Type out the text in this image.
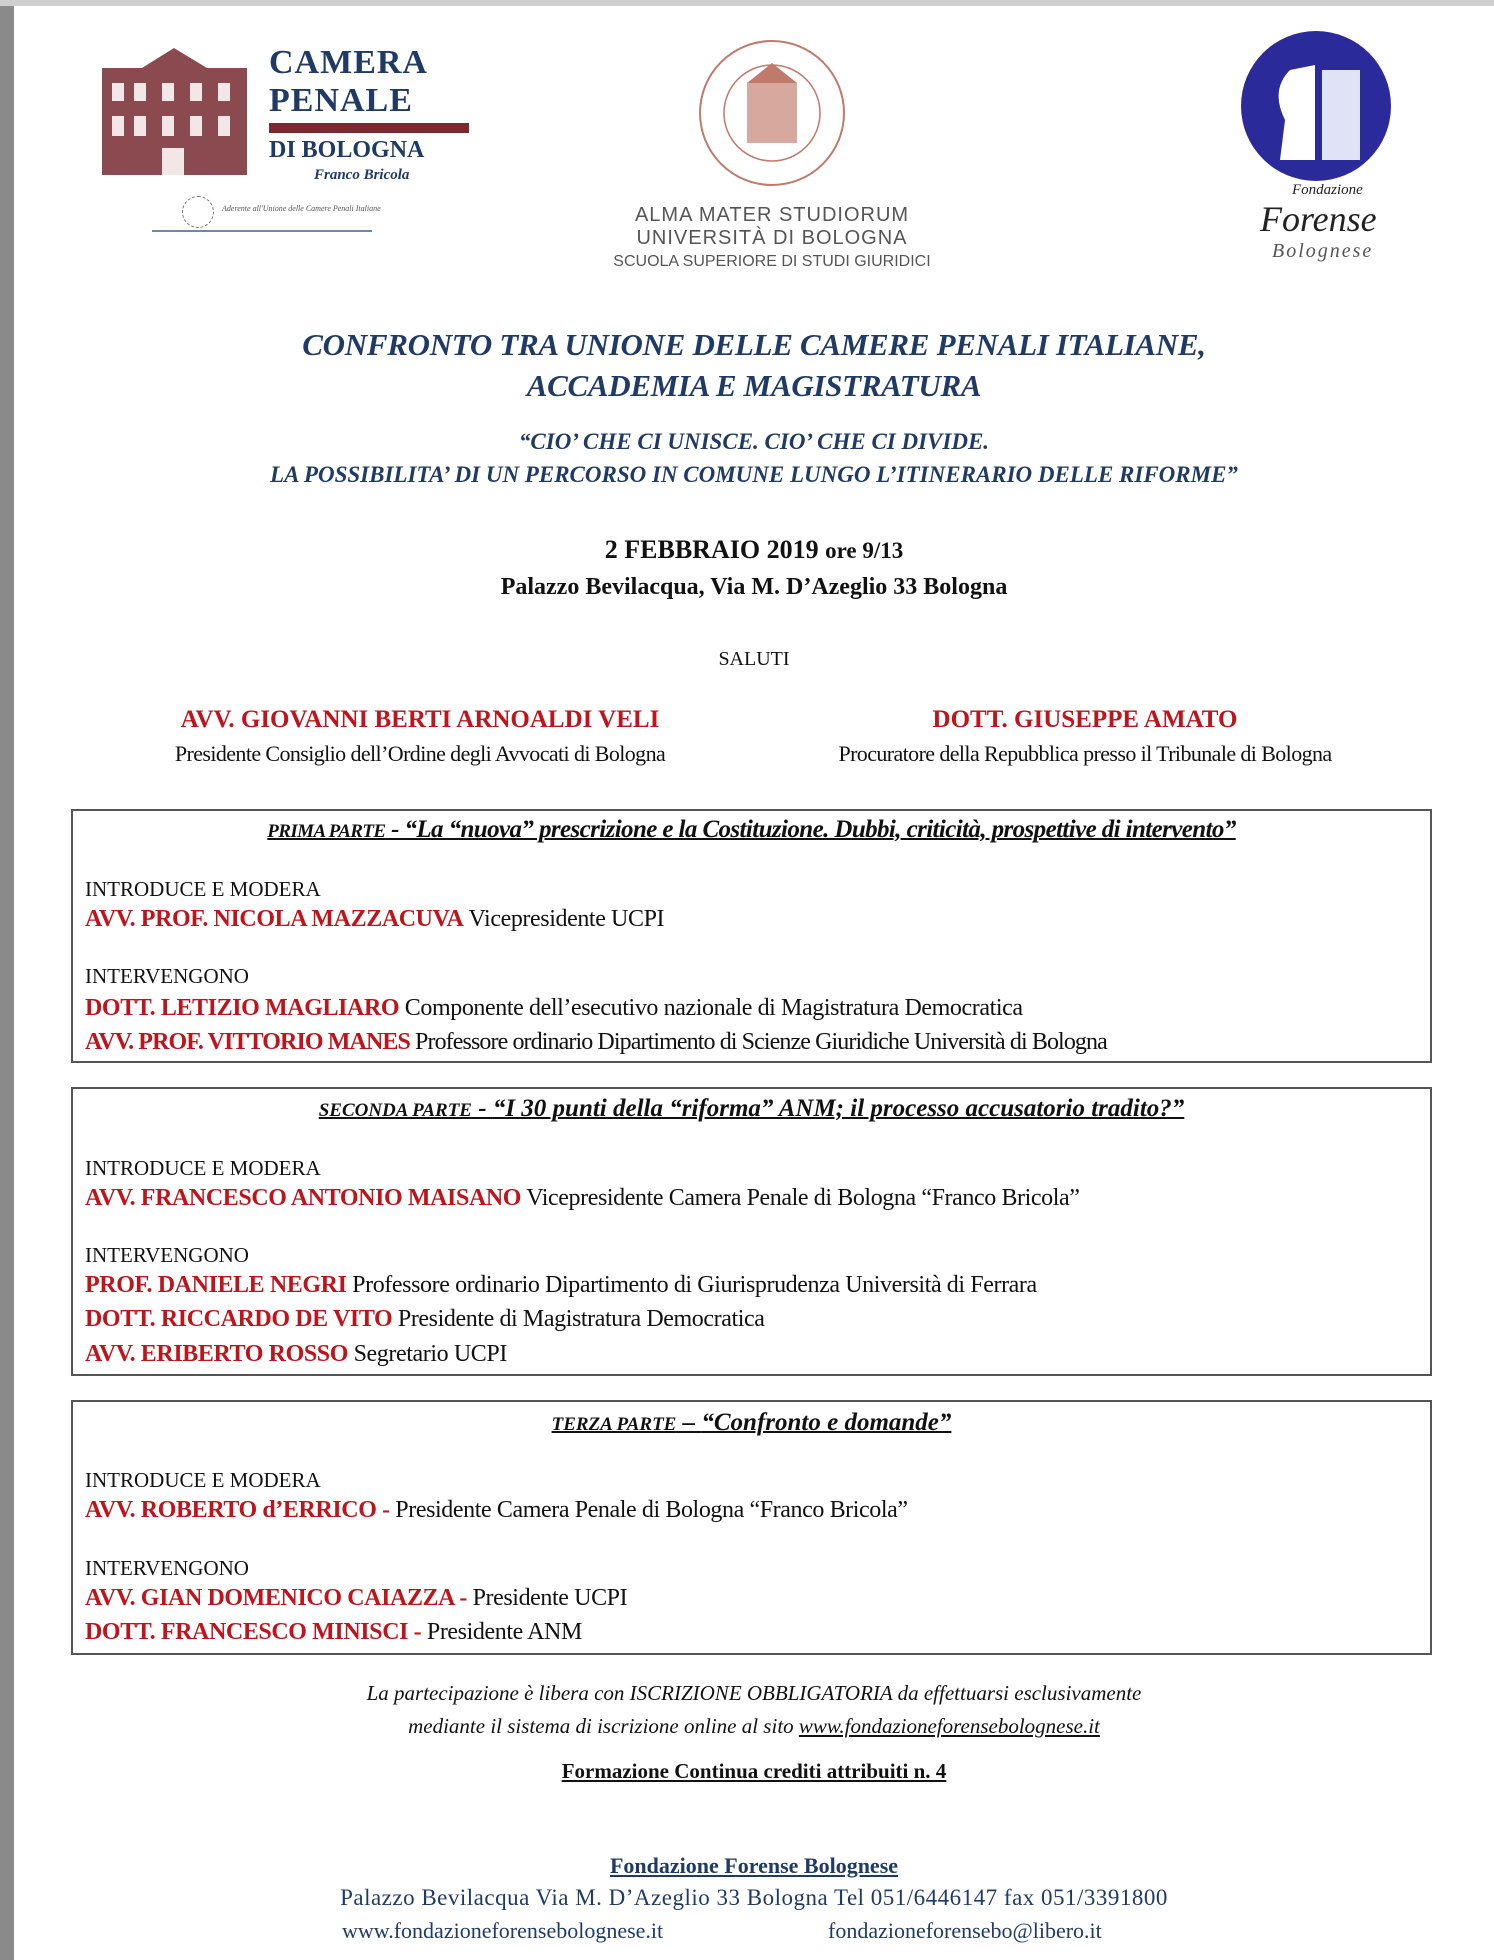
CAMERA
PENALE
DI BOLOGNA
Franco Bricola
Aderente all'Unione delle Camere Penali Italiane	ALMA MATER STUDIORUM
UNIVERSITÀ DI BOLOGNA
SCUOLA SUPERIORE DI STUDI GIURIDICI
Fondazione
Forense
Bolognese
CONFRONTO TRA UNIONE DELLE CAMERE PENALI ITALIANE,
ACCADEMIA E MAGISTRATURA
“CIO’ CHE CI UNISCE. CIO’ CHE CI DIVIDE.
LA POSSIBILITA’ DI UN PERCORSO IN COMUNE LUNGO L’ITINERARIO DELLE RIFORME”
2 FEBBRAIO 2019 ore 9/13
Palazzo Bevilacqua, Via M. D’Azeglio 33 Bologna
SALUTI
AVV. GIOVANNI BERTI ARNOALDI VELI
Presidente Consiglio dell’Ordine degli Avvocati di Bologna
DOTT. GIUSEPPE AMATO
Procuratore della Repubblica presso il Tribunale di Bologna
PRIMA PARTE - “La “nuova” prescrizione e la Costituzione. Dubbi, criticità, prospettive di intervento”
INTRODUCE E MODERA
AVV. PROF. NICOLA MAZZACUVA Vicepresidente UCPI
INTERVENGONO
DOTT. LETIZIO MAGLIARO Componente dell’esecutivo nazionale di Magistratura Democratica
AVV. PROF. VITTORIO MANES Professore ordinario Dipartimento di Scienze Giuridiche Università di Bologna
SECONDA PARTE - “I 30 punti della “riforma” ANM; il processo accusatorio tradito?”
INTRODUCE E MODERA
AVV. FRANCESCO ANTONIO MAISANO Vicepresidente Camera Penale di Bologna “Franco Bricola”
INTERVENGONO
PROF. DANIELE NEGRI Professore ordinario Dipartimento di Giurisprudenza Università di Ferrara
DOTT. RICCARDO DE VITO Presidente di Magistratura Democratica
AVV. ERIBERTO ROSSO Segretario UCPI
TERZA PARTE – “Confronto e domande”
INTRODUCE E MODERA
AVV. ROBERTO d’ERRICO - Presidente Camera Penale di Bologna “Franco Bricola”
INTERVENGONO
AVV. GIAN DOMENICO CAIAZZA - Presidente UCPI
DOTT. FRANCESCO MINISCI - Presidente ANM
La partecipazione è libera con ISCRIZIONE OBBLIGATORIA da effettuarsi esclusivamente
mediante il sistema di iscrizione online al sito www.fondazioneforensebolognese.it
Formazione Continua crediti attribuiti n. 4
Fondazione Forense Bolognese
Palazzo Bevilacqua Via M. D’Azeglio 33 Bologna Tel 051/6446147 fax 051/3391800
www.fondazioneforensebolognese.it	fondazioneforensebo@libero.it
